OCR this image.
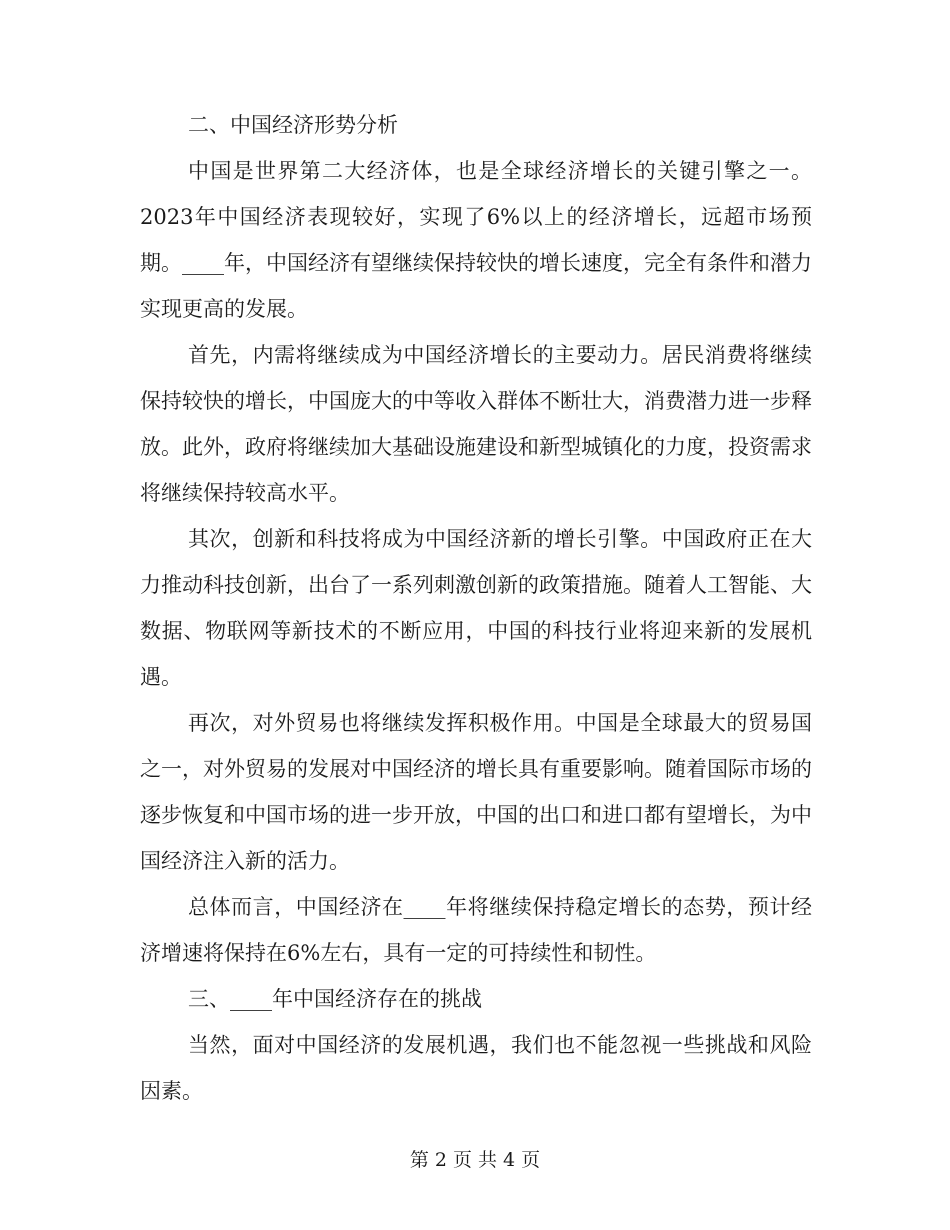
二、中国经济形势分析

中国是世界第二大经济体，也是全球经济增长的关键引擎之一。2023年中国经济表现较好，实现了6%以上的经济增长，远超市场预期。____年，中国经济有望继续保持较快的增长速度，完全有条件和潜力实现更高的发展。

首先，内需将继续成为中国经济增长的主要动力。居民消费将继续保持较快的增长，中国庞大的中等收入群体不断壮大，消费潜力进一步释放。此外，政府将继续加大基础设施建设和新型城镇化的力度，投资需求将继续保持较高水平。

其次，创新和科技将成为中国经济新的增长引擎。中国政府正在大力推动科技创新，出台了一系列刺激创新的政策措施。随着人工智能、大数据、物联网等新技术的不断应用，中国的科技行业将迎来新的发展机遇。

再次，对外贸易也将继续发挥积极作用。中国是全球最大的贸易国之一，对外贸易的发展对中国经济的增长具有重要影响。随着国际市场的逐步恢复和中国市场的进一步开放，中国的出口和进口都有望增长，为中国经济注入新的活力。

总体而言，中国经济在____年将继续保持稳定增长的态势，预计经济增速将保持在6%左右，具有一定的可持续性和韧性。

三、____年中国经济存在的挑战

当然，面对中国经济的发展机遇，我们也不能忽视一些挑战和风险因素。

第 2 页 共 4 页
